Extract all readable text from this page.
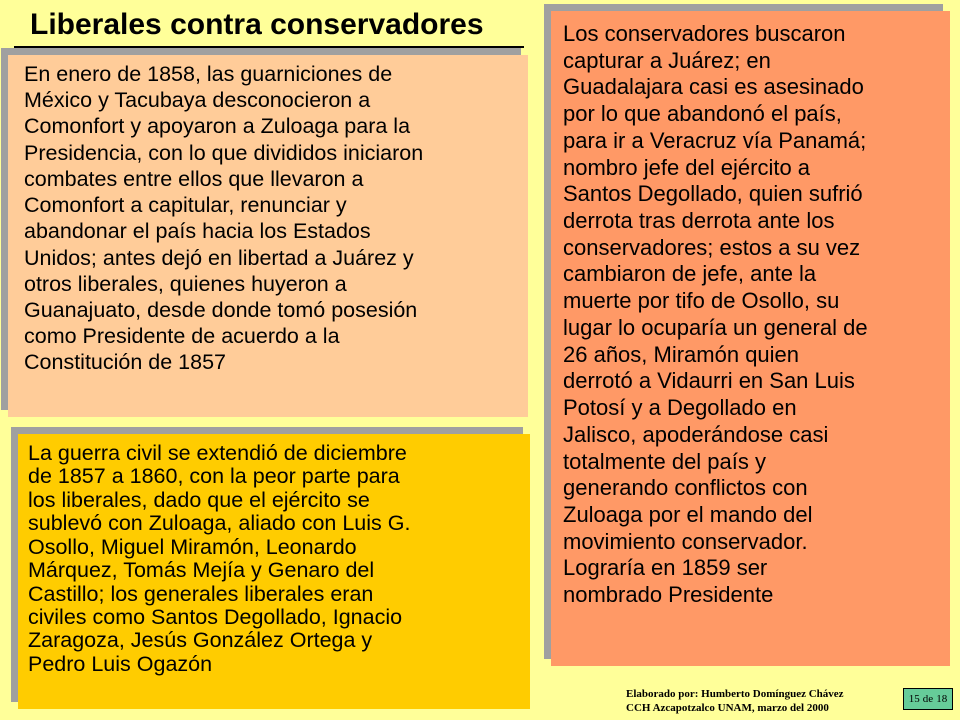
Liberales contra conservadores

En enero de 1858, las guarniciones de
México y Tacubaya desconocieron a
Comonfort y apoyaron a Zuloaga para la
Presidencia, con lo que divididos iniciaron
combates entre ellos que llevaron a
Comonfort a capitular, renunciar y
abandonar el país hacia los Estados
Unidos; antes dejó en libertad a Juárez y
otros liberales, quienes huyeron a
Guanajuato, desde donde tomó posesión
como Presidente de acuerdo a la
Constitución de 1857

La guerra civil se extendió de diciembre
de 1857 a 1860, con la peor parte para
los liberales, dado que el ejército se
sublevó con Zuloaga, aliado con Luis G.
Osollo, Miguel Miramón, Leonardo
Márquez, Tomás Mejía y Genaro del
Castillo; los generales liberales eran
civiles como Santos Degollado, Ignacio
Zaragoza, Jesús González Ortega y
Pedro Luis Ogazón

Los conservadores buscaron
capturar a Juárez; en
Guadalajara casi es asesinado
por lo que abandonó el país,
para ir a Veracruz vía Panamá;
nombro jefe del ejército a
Santos Degollado, quien sufrió
derrota tras derrota ante los
conservadores; estos a su vez
cambiaron de jefe, ante la
muerte por tifo de Osollo, su
lugar lo ocuparía un general de
26 años, Miramón quien
derrotó a Vidaurri en San Luis
Potosí y a Degollado en
Jalisco, apoderándose casi
totalmente del país y
generando conflictos con
Zuloaga por el mando del
movimiento conservador.
Lograría en 1859 ser
nombrado Presidente

Elaborado por: Humberto Domínguez Chávez
CCH Azcapotzalco UNAM, marzo del 2000
15 de 18
